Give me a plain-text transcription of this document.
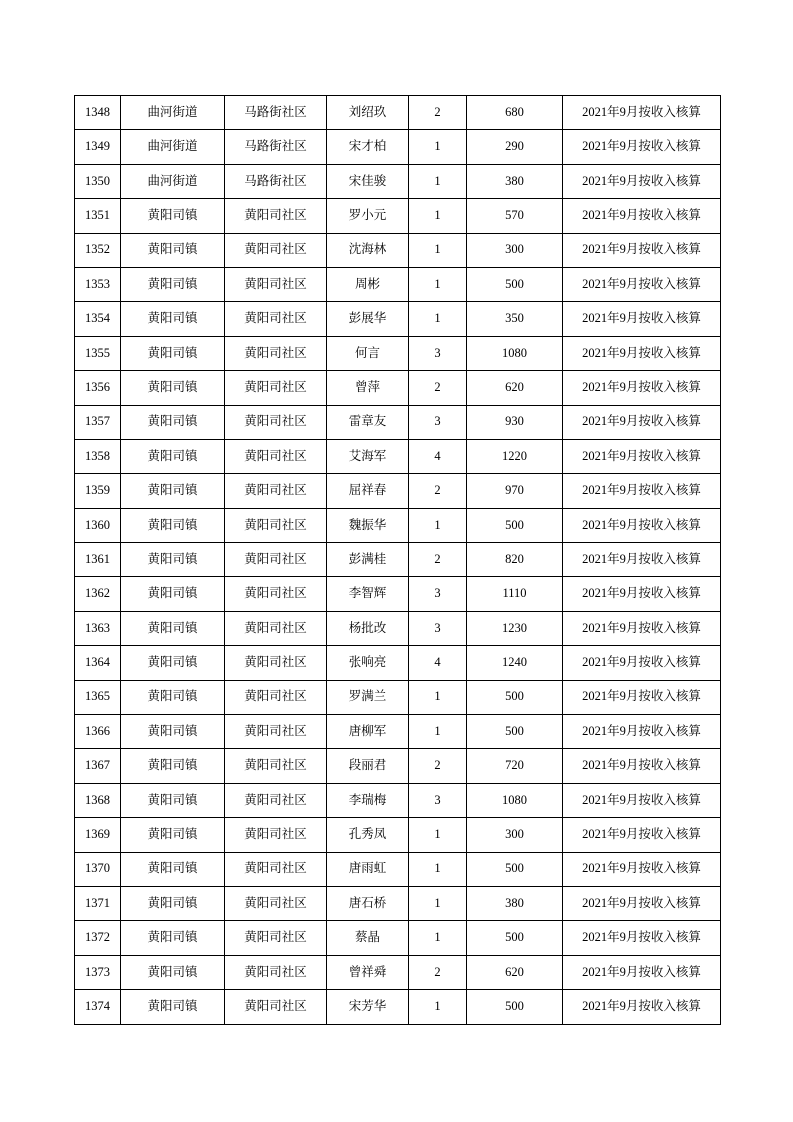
1348	曲河街道	马路街社区	刘绍玖	2	680	2021年9月按收入核算
1349	曲河街道	马路街社区	宋才柏	1	290	2021年9月按收入核算
1350	曲河街道	马路街社区	宋佳骏	1	380	2021年9月按收入核算
1351	黄阳司镇	黄阳司社区	罗小元	1	570	2021年9月按收入核算
1352	黄阳司镇	黄阳司社区	沈海林	1	300	2021年9月按收入核算
1353	黄阳司镇	黄阳司社区	周彬	1	500	2021年9月按收入核算
1354	黄阳司镇	黄阳司社区	彭展华	1	350	2021年9月按收入核算
1355	黄阳司镇	黄阳司社区	何言	3	1080	2021年9月按收入核算
1356	黄阳司镇	黄阳司社区	曾萍	2	620	2021年9月按收入核算
1357	黄阳司镇	黄阳司社区	雷章友	3	930	2021年9月按收入核算
1358	黄阳司镇	黄阳司社区	艾海军	4	1220	2021年9月按收入核算
1359	黄阳司镇	黄阳司社区	屈祥春	2	970	2021年9月按收入核算
1360	黄阳司镇	黄阳司社区	魏振华	1	500	2021年9月按收入核算
1361	黄阳司镇	黄阳司社区	彭满桂	2	820	2021年9月按收入核算
1362	黄阳司镇	黄阳司社区	李智辉	3	1110	2021年9月按收入核算
1363	黄阳司镇	黄阳司社区	杨批改	3	1230	2021年9月按收入核算
1364	黄阳司镇	黄阳司社区	张响亮	4	1240	2021年9月按收入核算
1365	黄阳司镇	黄阳司社区	罗满兰	1	500	2021年9月按收入核算
1366	黄阳司镇	黄阳司社区	唐柳军	1	500	2021年9月按收入核算
1367	黄阳司镇	黄阳司社区	段丽君	2	720	2021年9月按收入核算
1368	黄阳司镇	黄阳司社区	李瑞梅	3	1080	2021年9月按收入核算
1369	黄阳司镇	黄阳司社区	孔秀凤	1	300	2021年9月按收入核算
1370	黄阳司镇	黄阳司社区	唐雨虹	1	500	2021年9月按收入核算
1371	黄阳司镇	黄阳司社区	唐石桥	1	380	2021年9月按收入核算
1372	黄阳司镇	黄阳司社区	蔡晶	1	500	2021年9月按收入核算
1373	黄阳司镇	黄阳司社区	曾祥舜	2	620	2021年9月按收入核算
1374	黄阳司镇	黄阳司社区	宋芳华	1	500	2021年9月按收入核算
